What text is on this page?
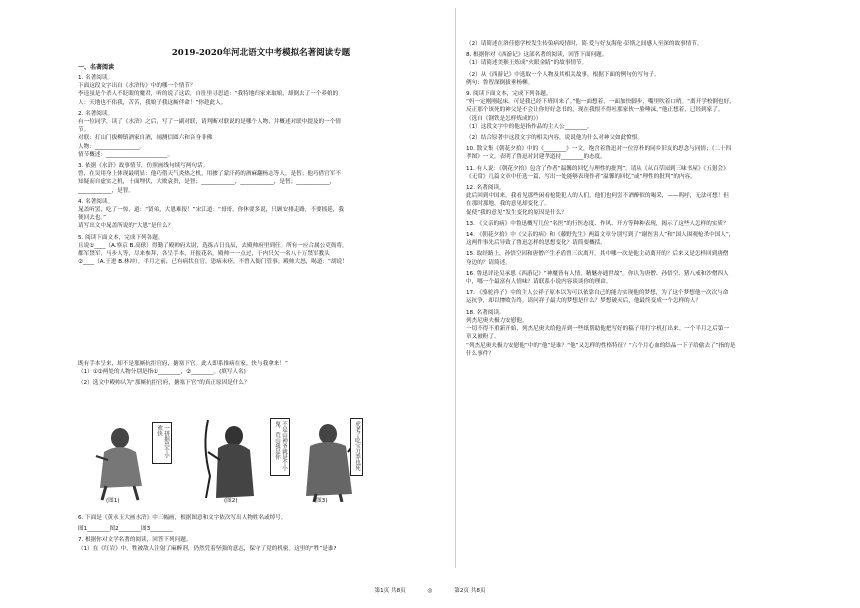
2019-2020年河北语文中考模拟名著阅读专题
一、名著阅读

1. 名著阅读。

下面这段文字出自《水浒传》中的哪一个情节？

李逵虽是个杀人不眨眼的魔君，听的说了这话，自肚里寻思道：“我特地归家来取娘，却倒去了一个养娘的

人：天地也不佑我，苦苦，我娘子我这厮伴命！”你趁此人。

2. 名著阅读。

有一位同学，读了《水浒》之后，写了一副对联，请判断对联说的是哪个人物，并概述对联中提及的一个情

节。

对联：打山门拔柳镇酒家自酒，闹测信圆六和音身非佛

人物：________________。

情节概述：______________________。

3. 依据《水浒》故事情节，仿照画线句续写两句话。

曾，在吴用身上体现最明显：他巧借天气炎热之机，用掺了蒙汗药的酒麻翻杨志等人，是智；他巧借官军不

知疑而自虚实之机，十面埋伏，大败袁贵，是智；____________，____________，是智；____________，

____________，是智。

4. 名著阅读。

晁盖听罢，吃了一惊，道：“贤弟，大恩难报！”宋江道：“哥哥，你休要多说，只顾安排走路，不要摇延，我

便回去也。”

请写出文中晁盖所说的“大恩”是什么？

5. 阅读下面文本，完成下列各题。

且说①____（A.察京 B.高俅）得勤了殿帅府太尉，选拣吉日良辰，去殿帅府里到任。所有一应合属公吏衙将，

都军禁军，马步人等，尽来参拜，各呈手本，开报花名。殿帅一一点过，于内只欠一名八十万禁军教头

②____（A.王进 B.林冲）。半月之前，已有病状在官，患病未痊，不曾入衙门管事。殿帅大怒，喝道：“胡说！

既有手本呈来，却不是那厮抗拒官府，搪塞下官。此人即系推病在家。快与我拿来！”

（1）①②两处的人物分别是指①________，②________。(填写人名)

（2）选文中殿帅认为“那厮抗拒官府，搪塞下官”的真正原因是什么？

一拼据出个小欢快
(图1)
不是山神爷就是个小鬼，荒山我是你
(图2)
虎老了吃宝刀莽也死
(图3)

6. 下面是《黄永玉大画水浒》中三幅画，根据图意和文字依次写出人物姓名或绰号。

图1________图2________图3________

7. 根据你对文学名著的阅读，回答下列问题。

（1）在《红岩》中，牲被敌人注射了麻醉剂，仍然凭着坚强的意志，保守了党的机密。这里的“牲”是谁?

（2）请简述在洛佳德学校发生传染病疫情时，简·爱与好友海伦·彭斯之间感人至深的故事情节。

8. 根据你对《西游记》这部名著的阅读，回答下面问题。

（1）请简述美猴王炼成“火眼金睛”的故事情节。

（2）从《西游记》中选取一个人物及其相关故事，根据下面的例句仿写句子。

例句：鲁智深倒拔垂杨柳。

9. 阅读下面文本，完成下列各题。

“妈一定刚刚起床，可是我已经下班回来了。”他一面想着，一面加快脚步，嘴里吹着口哨。“离开学校倒也好，

反正那个该死的神父是不会让你好好念书的，现在我恨不得吐那家伙一脸唾沫。”他正想着，已经到家了。

（选自《钢铁是怎样炼成的》）

（1）这段文字中的他是指作品的主人公________。

（2）结合原著中这段文字的相关内容，说说他为什么对神父如此愤恨。

10. 散文集《朝花夕拾》中的《________》一文，饱含着鲁迅对一位淳朴的同乡旧友的思念与同情；《二十四

孝图》一文，表明了鲁迅对封建孝道持________的态度。

11. 有人说：《朝花夕拾》包含了作者“温馨的回忆与理性的批判”。请从《从百草园到三味书屋》《五猖会》

《无常》几篇文章中任选一篇，写出一处能够表现作者“温馨的回忆”或“理性的批判”的内容。

12. 名著阅读。

此后回到中国来，我看见那些闲看枪毙犯人的人们，他们也何尝不酒醉似的喝采，——呜呼，无法可想！但

在那时那地，我的意见却变化了。

促使“我的意见”发生变化的原因是什么？

13. 《父亲的病》中鲁迅概写几位“名医”的行医态度、作风、开方等种种表现，揭示了这些人怎样的实质？

14. 《朝花夕拾》中《父亲的病》和《藤野先生》两篇文章分别写到了“谢医害人”和“国人围观枪杀中国人”，

这两件事先后导致了鲁迅怎样的思想变化？请简要概括。

15. 取经路上，孙悟空因和唐僧产生矛盾曾三次离开。其中哪一次是他主动离开的？后来又是怎样回到唐僧

身边的？请简述。

16. 鲁迅评论吴承恩《西游记》“神魔皆有人情，精魅亦通世故”。你认为唐僧、孙悟空、猪八戒和沙僧四人

中，哪一个最富有人情味？请联系小说内容谈谈你的理由。

17. 《骆驼祥子》中的主人公祥子原本以为可以依靠自己的能力实现他的梦想，为了这个梦想他一次次与命

运抗争，却以惨败告终。请问祥子最大的梦想是什么？梦想破灭后，他最终变成一个怎样的人？

18. 名著阅读。

列杰尼奥夫极力安慰他。

一切不得不重新开始，列杰尼奥夫给他弄到一些纸帮助他把写好的稿子用打字机打出来。一个半月之后第一

章又被粉了。

“列杰尼奥夫极力安慰他”中的“他”是谁？“他”又怎样的性格特征？“六个月心血的结晶一下子给偷去了”指的是

什么事件？

第1页 共8页	◎	第2页 共8页
